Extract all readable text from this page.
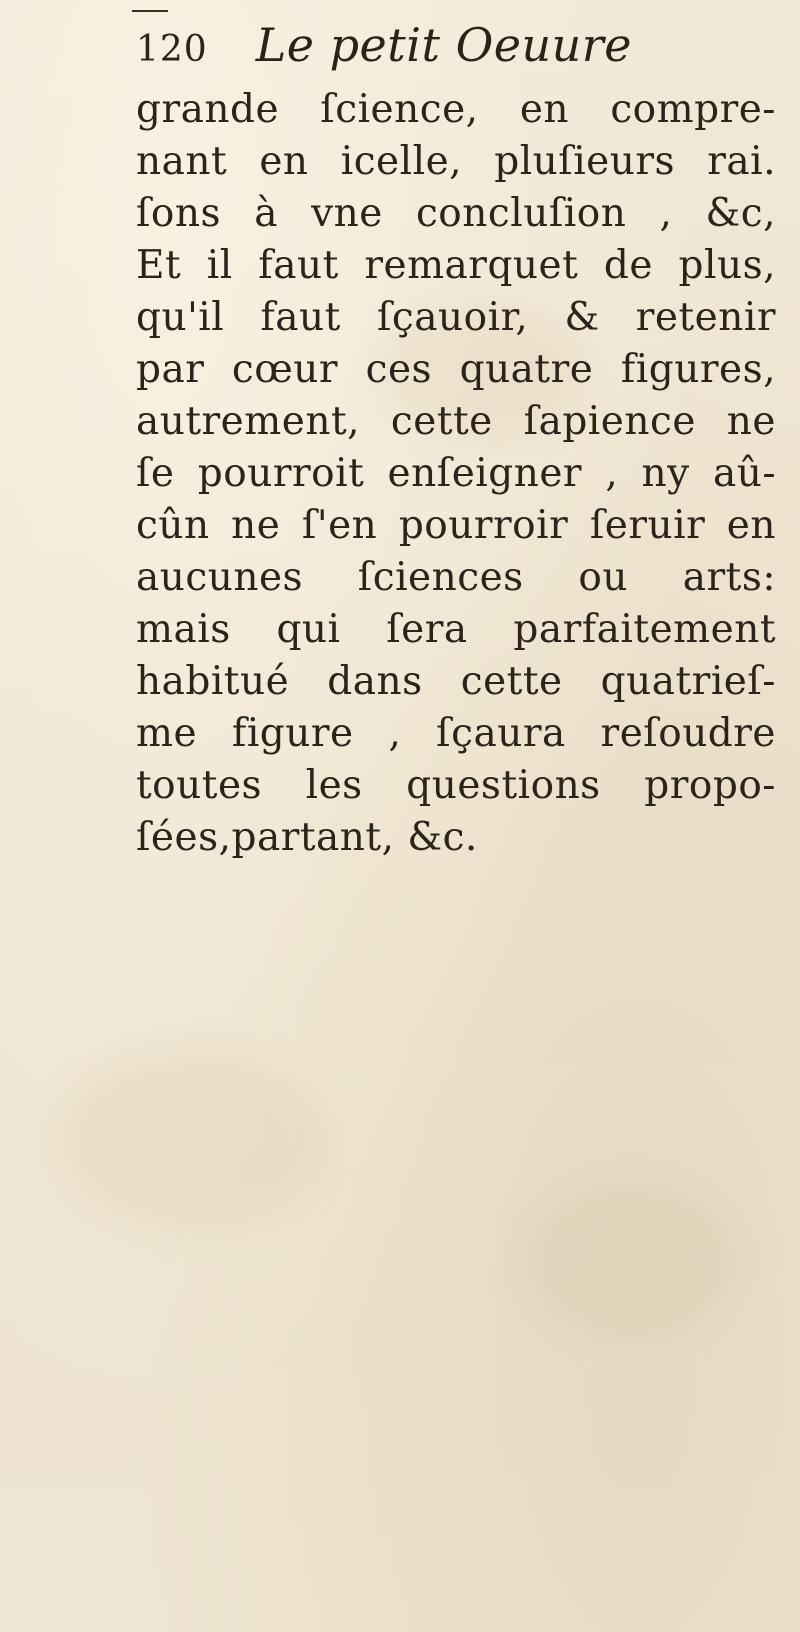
120 Le petit Oeuure
grande ſcience, en compre-
nant en icelle, pluſieurs rai.
ſons à vne concluſion , &c,
Et il faut remarquet de plus,
qu'il faut ſçauoir, & retenir
par cœur ces quatre figures,
autrement, cette ſapience ne
ſe pourroit enſeigner , ny aû-
cûn ne ſ'en pourroir ſeruir en
aucunes ſciences ou arts:
mais qui ſera parfaitement
habitué dans cette quatrieſ-
me figure , ſçaura reſoudre
toutes les questions propo-
ſées,partant, &c.
